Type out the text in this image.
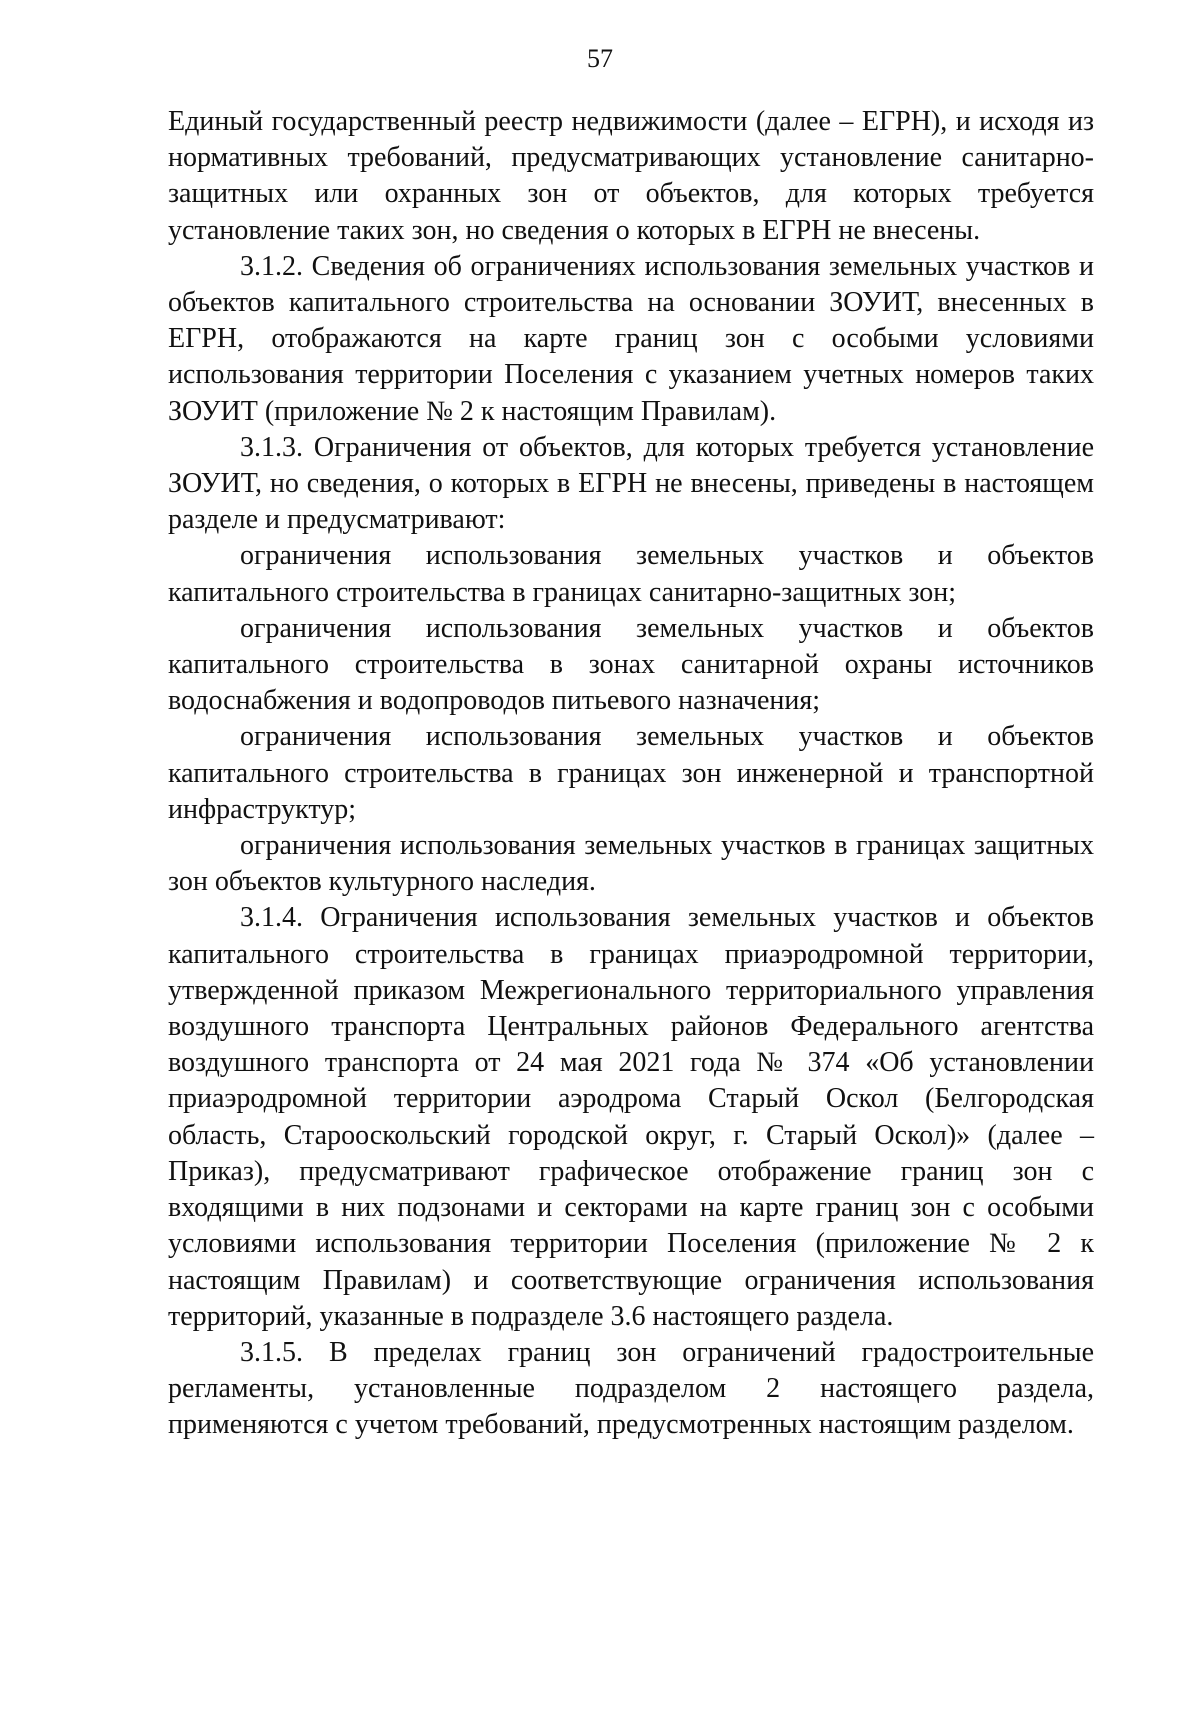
57

Единый государственный реестр недвижимости (далее – ЕГРН), и исходя из нормативных требований, предусматривающих установление санитарно-защитных или охранных зон от объектов, для которых требуется установление таких зон, но сведения о которых в ЕГРН не внесены.

3.1.2. Сведения об ограничениях использования земельных участков и объектов капитального строительства на основании ЗОУИТ, внесенных в ЕГРН, отображаются на карте границ зон с особыми условиями использования территории Поселения с указанием учетных номеров таких ЗОУИТ (приложение № 2 к настоящим Правилам).

3.1.3. Ограничения от объектов, для которых требуется установление ЗОУИТ, но сведения, о которых в ЕГРН не внесены, приведены в настоящем разделе и предусматривают:

ограничения использования земельных участков и объектов капитального строительства в границах санитарно-защитных зон;

ограничения использования земельных участков и объектов капитального строительства в зонах санитарной охраны источников водоснабжения и водопроводов питьевого назначения;

ограничения использования земельных участков и объектов капитального строительства в границах зон инженерной и транспортной инфраструктур;

ограничения использования земельных участков в границах защитных зон объектов культурного наследия.

3.1.4. Ограничения использования земельных участков и объектов капитального строительства в границах приаэродромной территории, утвержденной приказом Межрегионального территориального управления воздушного транспорта Центральных районов Федерального агентства воздушного транспорта от 24 мая 2021 года № 374 «Об установлении приаэродромной территории аэродрома Старый Оскол (Белгородская область, Старооскольский городской округ, г. Старый Оскол)» (далее – Приказ), предусматривают графическое отображение границ зон с входящими в них подзонами и секторами на карте границ зон с особыми условиями использования территории Поселения (приложение № 2 к настоящим Правилам) и соответствующие ограничения использования территорий, указанные в подразделе 3.6 настоящего раздела.

3.1.5. В пределах границ зон ограничений градостроительные регламенты, установленные подразделом 2 настоящего раздела, применяются с учетом требований, предусмотренных настоящим разделом.
